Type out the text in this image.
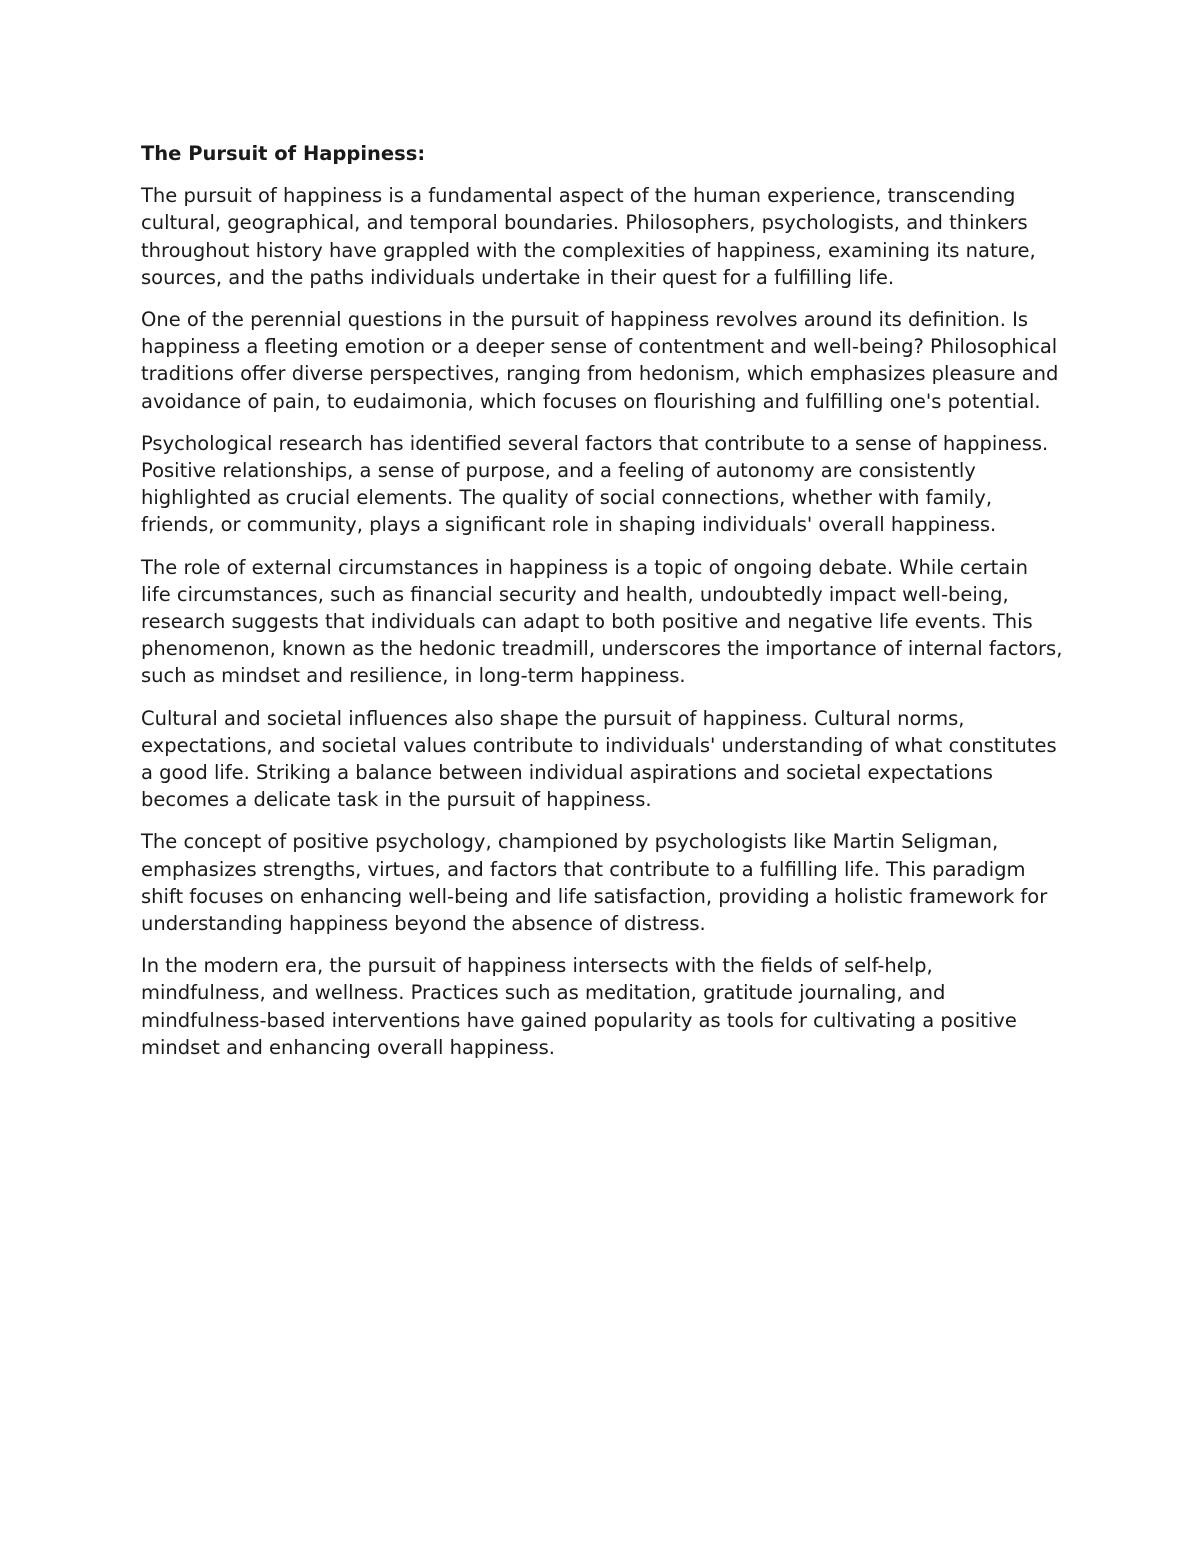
The Pursuit of Happiness:

The pursuit of happiness is a fundamental aspect of the human experience, transcending cultural, geographical, and temporal boundaries. Philosophers, psychologists, and thinkers throughout history have grappled with the complexities of happiness, examining its nature, sources, and the paths individuals undertake in their quest for a fulfilling life.

One of the perennial questions in the pursuit of happiness revolves around its definition. Is happiness a fleeting emotion or a deeper sense of contentment and well-being? Philosophical traditions offer diverse perspectives, ranging from hedonism, which emphasizes pleasure and avoidance of pain, to eudaimonia, which focuses on flourishing and fulfilling one's potential.

Psychological research has identified several factors that contribute to a sense of happiness. Positive relationships, a sense of purpose, and a feeling of autonomy are consistently highlighted as crucial elements. The quality of social connections, whether with family, friends, or community, plays a significant role in shaping individuals' overall happiness.

The role of external circumstances in happiness is a topic of ongoing debate. While certain life circumstances, such as financial security and health, undoubtedly impact well-being, research suggests that individuals can adapt to both positive and negative life events. This phenomenon, known as the hedonic treadmill, underscores the importance of internal factors, such as mindset and resilience, in long-term happiness.

Cultural and societal influences also shape the pursuit of happiness. Cultural norms, expectations, and societal values contribute to individuals' understanding of what constitutes a good life. Striking a balance between individual aspirations and societal expectations becomes a delicate task in the pursuit of happiness.

The concept of positive psychology, championed by psychologists like Martin Seligman, emphasizes strengths, virtues, and factors that contribute to a fulfilling life. This paradigm shift focuses on enhancing well-being and life satisfaction, providing a holistic framework for understanding happiness beyond the absence of distress.

In the modern era, the pursuit of happiness intersects with the fields of self-help, mindfulness, and wellness. Practices such as meditation, gratitude journaling, and mindfulness-based interventions have gained popularity as tools for cultivating a positive mindset and enhancing overall happiness.
